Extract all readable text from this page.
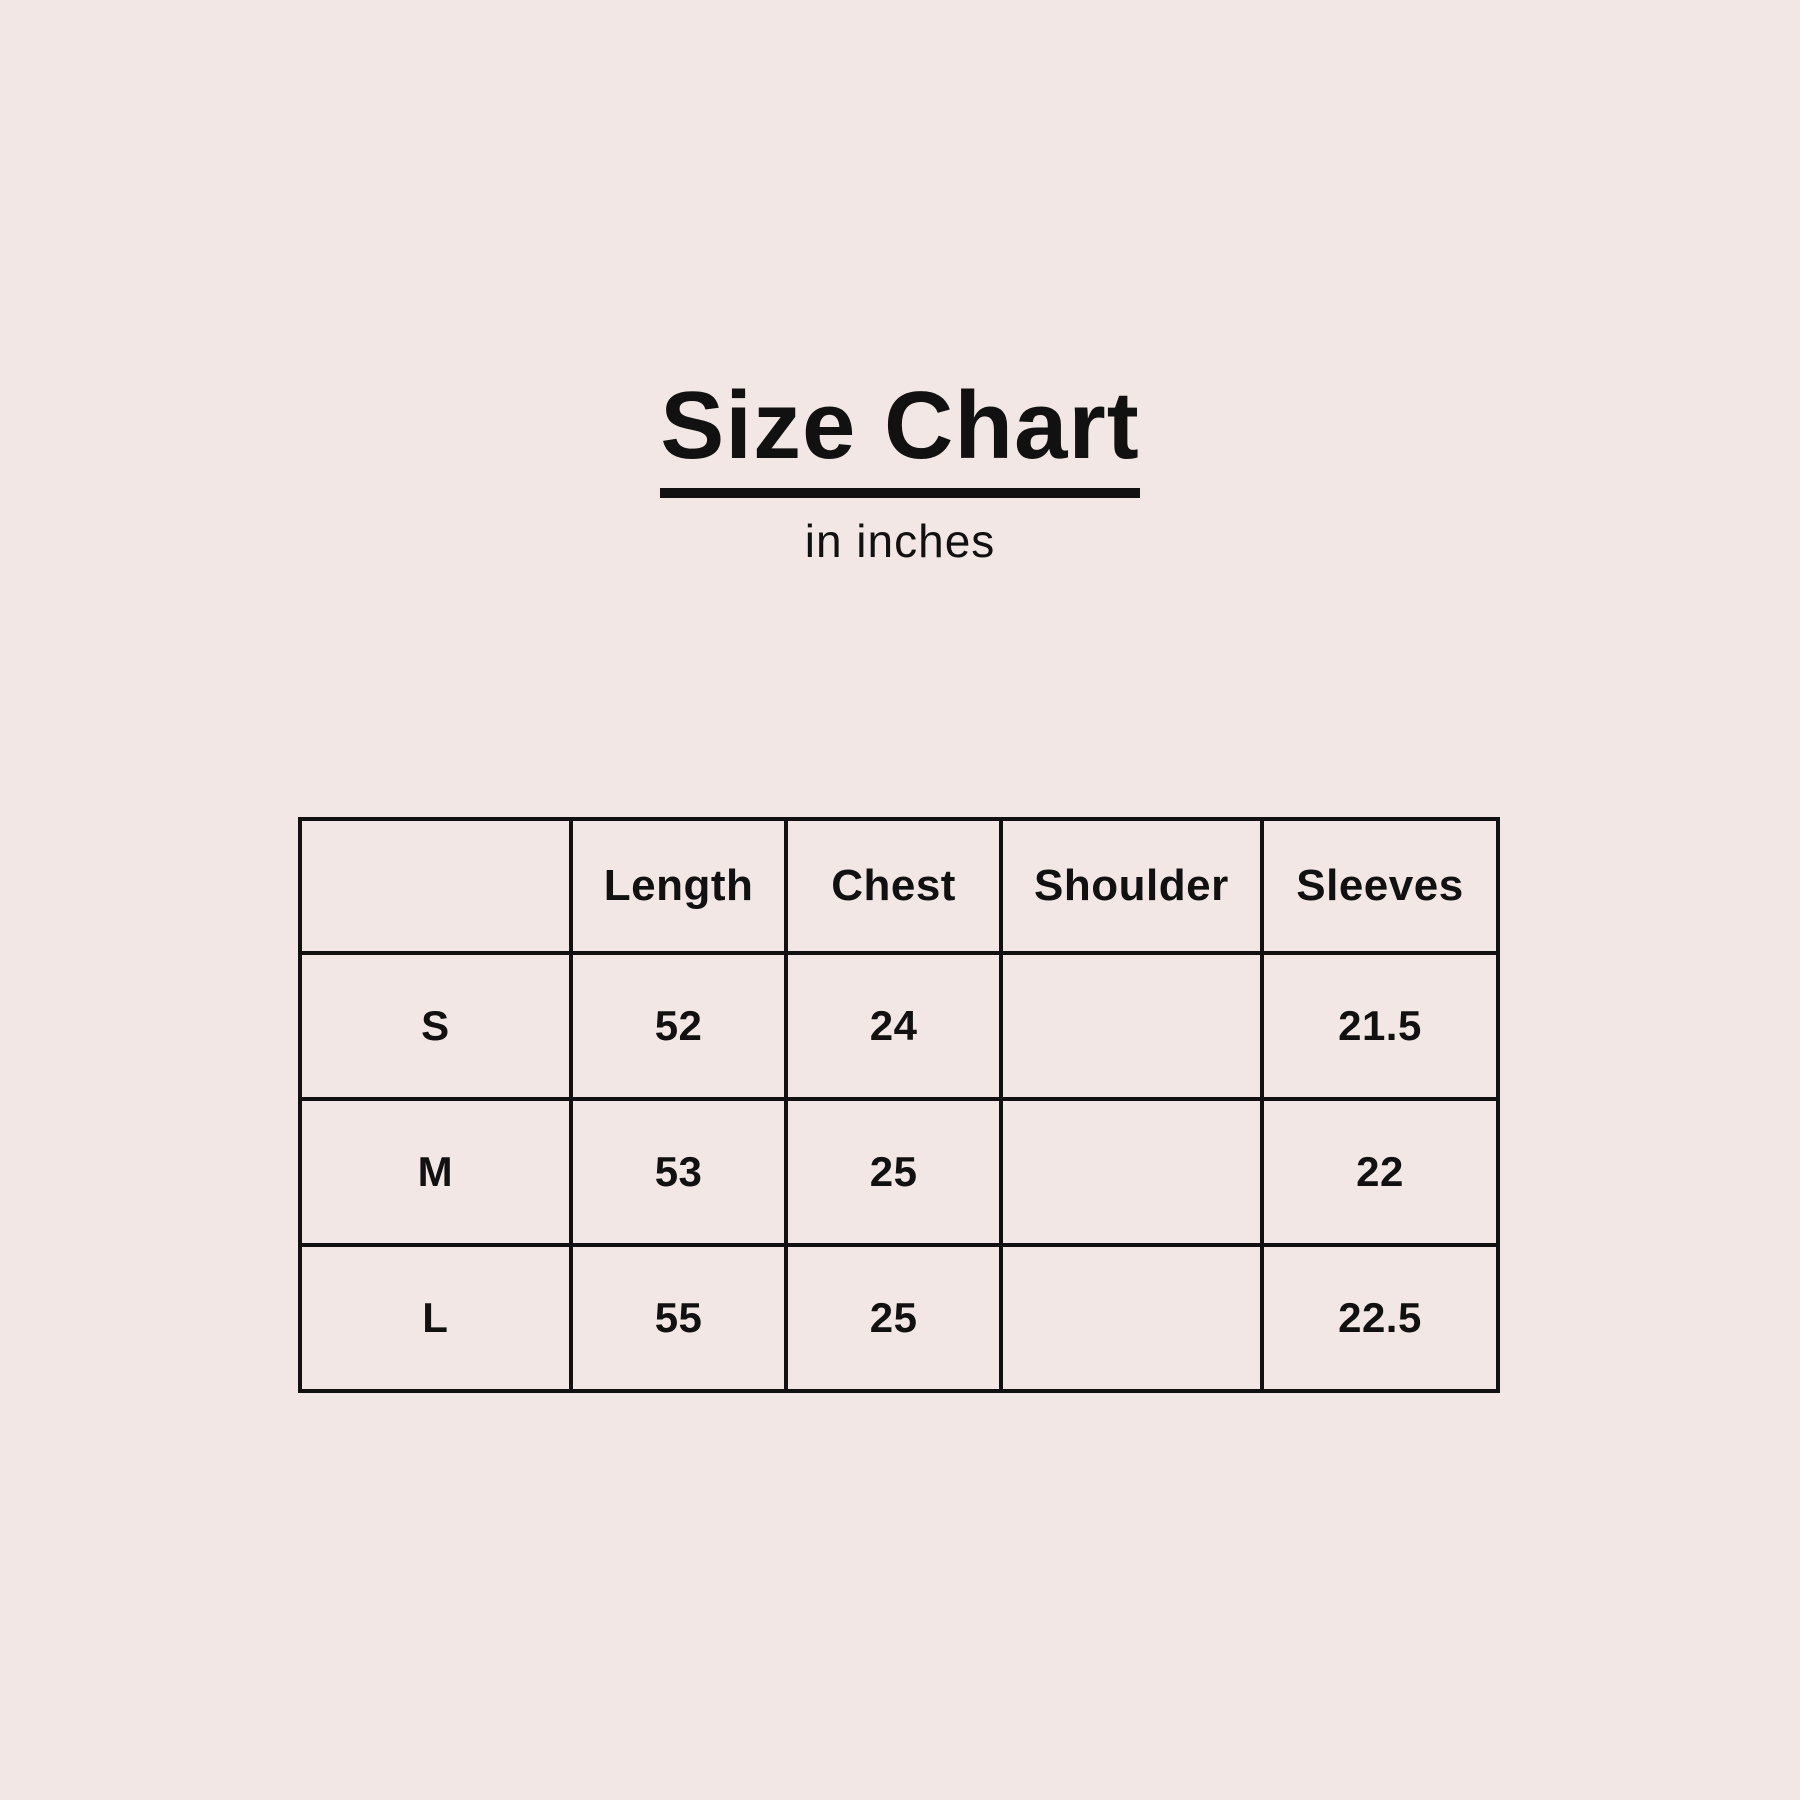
Size Chart
in inches
	Length	Chest	Shoulder	Sleeves
S	52	24		21.5
M	53	25		22
L	55	25		22.5
